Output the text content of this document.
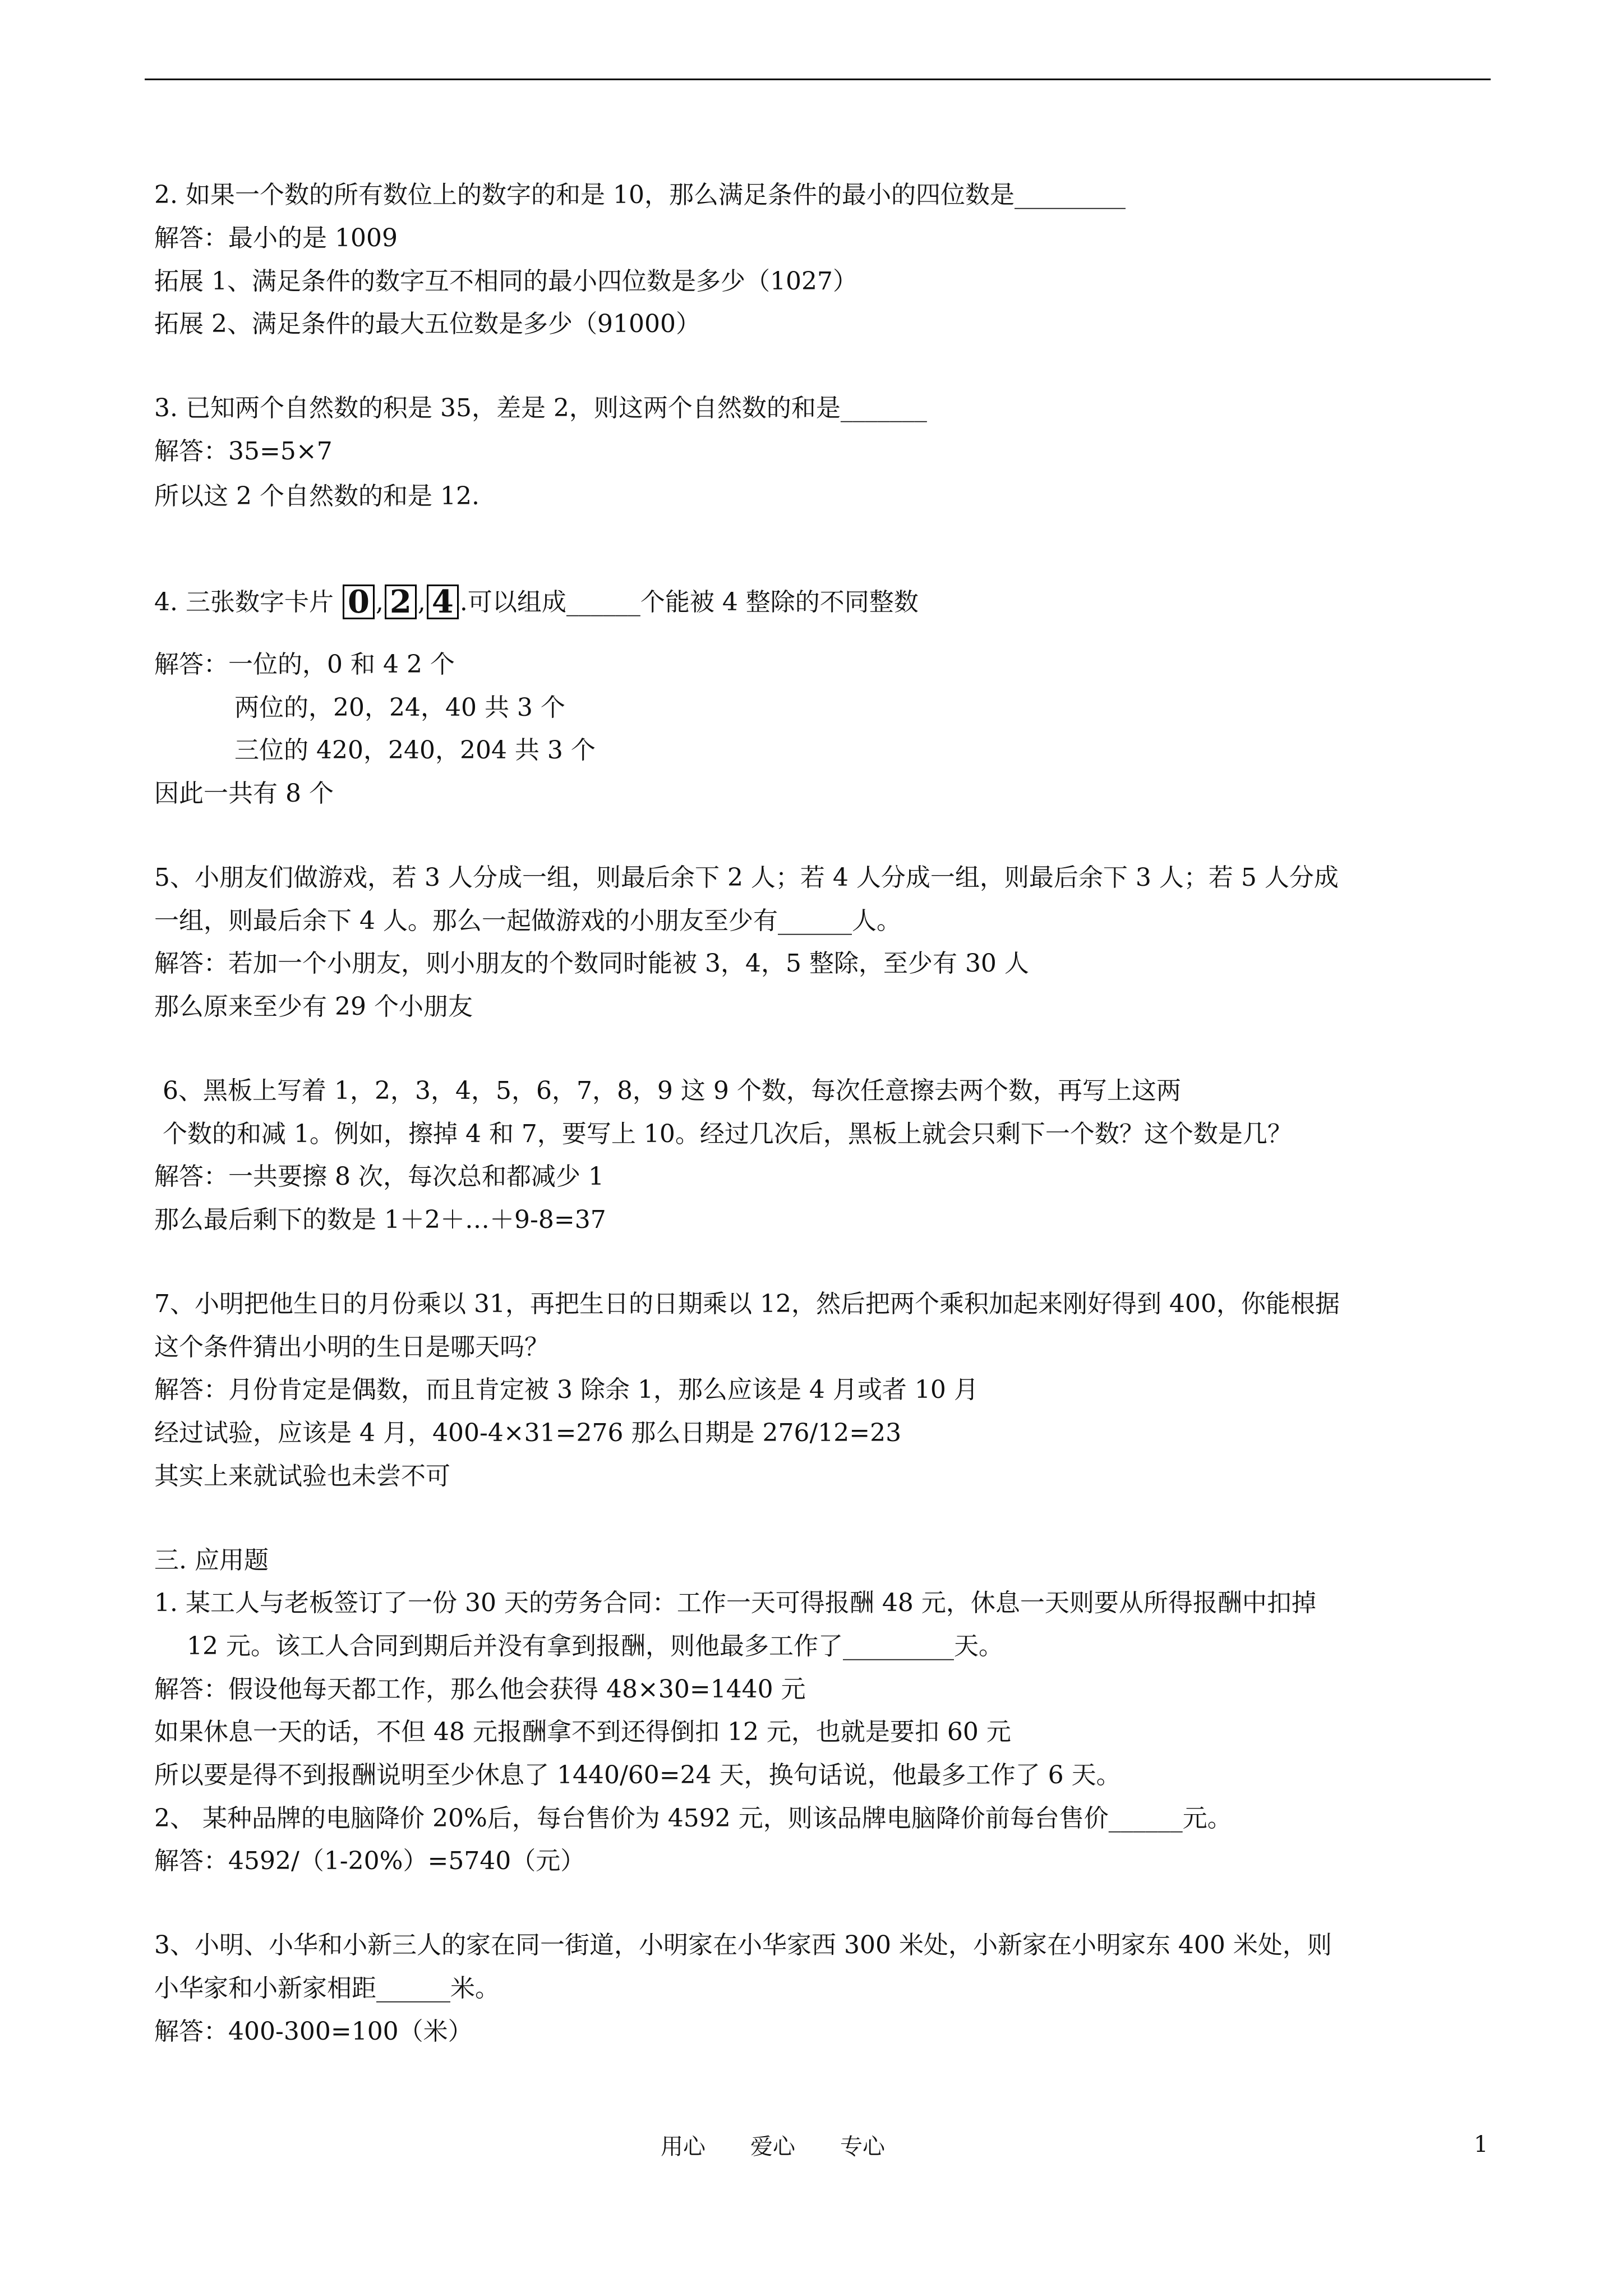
2. 如果一个数的所有数位上的数字的和是 10，那么满足条件的最小的四位数是_________
解答：最小的是 1009
拓展 1、满足条件的数字互不相同的最小四位数是多少（1027）
拓展 2、满足条件的最大五位数是多少（91000）
3. 已知两个自然数的积是 35，差是 2，则这两个自然数的和是_______
解答：35=5×7
所以这 2 个自然数的和是 12.
4. 三张数字卡片 0 , 2 , 4 .可以组成______个能被 4 整除的不同整数
解答：一位的，0 和 4 2 个
两位的，20，24，40 共 3 个
三位的 420，240，204 共 3 个
因此一共有 8 个
5、小朋友们做游戏，若 3 人分成一组，则最后余下 2 人；若 4 人分成一组，则最后余下 3 人；若 5 人分成
一组，则最后余下 4 人。那么一起做游戏的小朋友至少有______人。
解答：若加一个小朋友，则小朋友的个数同时能被 3，4，5 整除，至少有 30 人
那么原来至少有 29 个小朋友
6、黑板上写着 1，2，3，4，5，6，7，8，9 这 9 个数，每次任意擦去两个数，再写上这两
个数的和减 1。例如，擦掉 4 和 7，要写上 10。经过几次后，黑板上就会只剩下一个数？这个数是几？
解答：一共要擦 8 次，每次总和都减少 1
那么最后剩下的数是 1＋2＋…＋9-8=37
7、小明把他生日的月份乘以 31，再把生日的日期乘以 12，然后把两个乘积加起来刚好得到 400，你能根据
这个条件猜出小明的生日是哪天吗？
解答：月份肯定是偶数，而且肯定被 3 除余 1，那么应该是 4 月或者 10 月
经过试验，应该是 4 月，400-4×31=276 那么日期是 276/12=23
其实上来就试验也未尝不可
三. 应用题
1. 某工人与老板签订了一份 30 天的劳务合同：工作一天可得报酬 48 元，休息一天则要从所得报酬中扣掉
12 元。该工人合同到期后并没有拿到报酬，则他最多工作了_________天。
解答：假设他每天都工作，那么他会获得 48×30=1440 元
如果休息一天的话，不但 48 元报酬拿不到还得倒扣 12 元，也就是要扣 60 元
所以要是得不到报酬说明至少休息了 1440/60=24 天，换句话说，他最多工作了 6 天。
2、 某种品牌的电脑降价 20%后，每台售价为 4592 元，则该品牌电脑降价前每台售价______元。
解答：4592/（1-20%）=5740（元）
3、小明、小华和小新三人的家在同一街道，小明家在小华家西 300 米处，小新家在小明家东 400 米处，则
小华家和小新家相距______米。
解答：400-300=100（米）
用心 爱心 专心	1
